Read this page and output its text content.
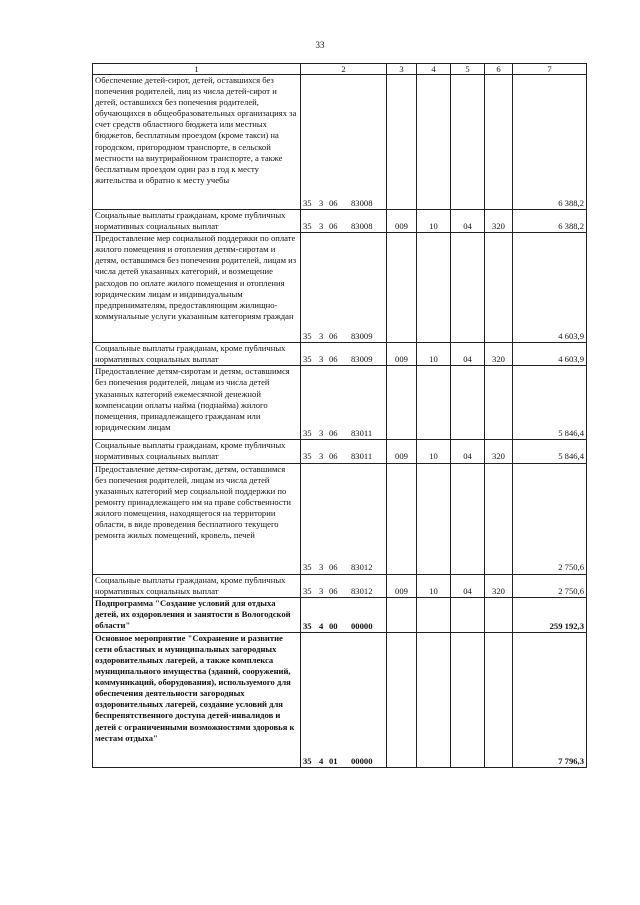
33
1	2	3	4	5	6	7
Обеспечение детей-сирот, детей, оставшихся без попечения родителей, лиц из числа детей-сирот и детей, оставшихся без попечения родителей, обучающихся в общеобразовательных организациях за счет средств областного бюджета или местных бюджетов, бесплатным проездом (кроме такси) на городском, пригородном транспорте, в сельской местности на внутрирайонном транспорте, а также бесплатным проездом один раз в год к месту жительства и обратно к месту учебы	35 3 06 83008					6 388,2
Социальные выплаты гражданам, кроме публичных нормативных социальных выплат	35 3 06 83008	009	10	04	320	6 388,2
Предоставление мер социальной поддержки по оплате жилого помещения и отопления детям-сиротам и детям, оставшимся без попечения родителей, лицам из числа детей указанных категорий, и возмещение расходов по оплате жилого помещения и отопления юридическим лицам и индивидуальным предпринимателям, предоставляющим жилищно-коммунальные услуги указанным категориям граждан	35 3 06 83009					4 603,9
Социальные выплаты гражданам, кроме публичных нормативных социальных выплат	35 3 06 83009	009	10	04	320	4 603,9
Предоставление детям-сиротам и детям, оставшимся без попечения родителей, лицам из числа детей указанных категорий ежемесячной денежной компенсации оплаты найма (поднайма) жилого помещения, принадлежащего гражданам или юридическим лицам	35 3 06 83011					5 846,4
Социальные выплаты гражданам, кроме публичных нормативных социальных выплат	35 3 06 83011	009	10	04	320	5 846,4
Предоставление детям-сиротам, детям, оставшимся без попечения родителей, лицам из числа детей указанных категорий мер социальной поддержки по ремонту принадлежащего им на праве собственности жилого помещения, находящегося на территории области, в виде проведения бесплатного текущего ремонта жилых помещений, кровель, печей	35 3 06 83012					2 750,6
Социальные выплаты гражданам, кроме публичных нормативных социальных выплат	35 3 06 83012	009	10	04	320	2 750,6
Подпрограмма "Создание условий для отдыха детей, их оздоровления и занятости в Вологодской области"	35 4 00 00000					259 192,3
Основное мероприятие "Сохранение и развитие сети областных и муниципальных загородных оздоровительных лагерей, а также комплекса муниципального имущества (зданий, сооружений, коммуникаций, оборудования), используемого для обеспечения деятельности загородных оздоровительных лагерей, создание условий для беспрепятственного доступа детей-инвалидов и детей с ограниченными возможностями здоровья к местам отдыха"	35 4 01 00000					7 796,3
